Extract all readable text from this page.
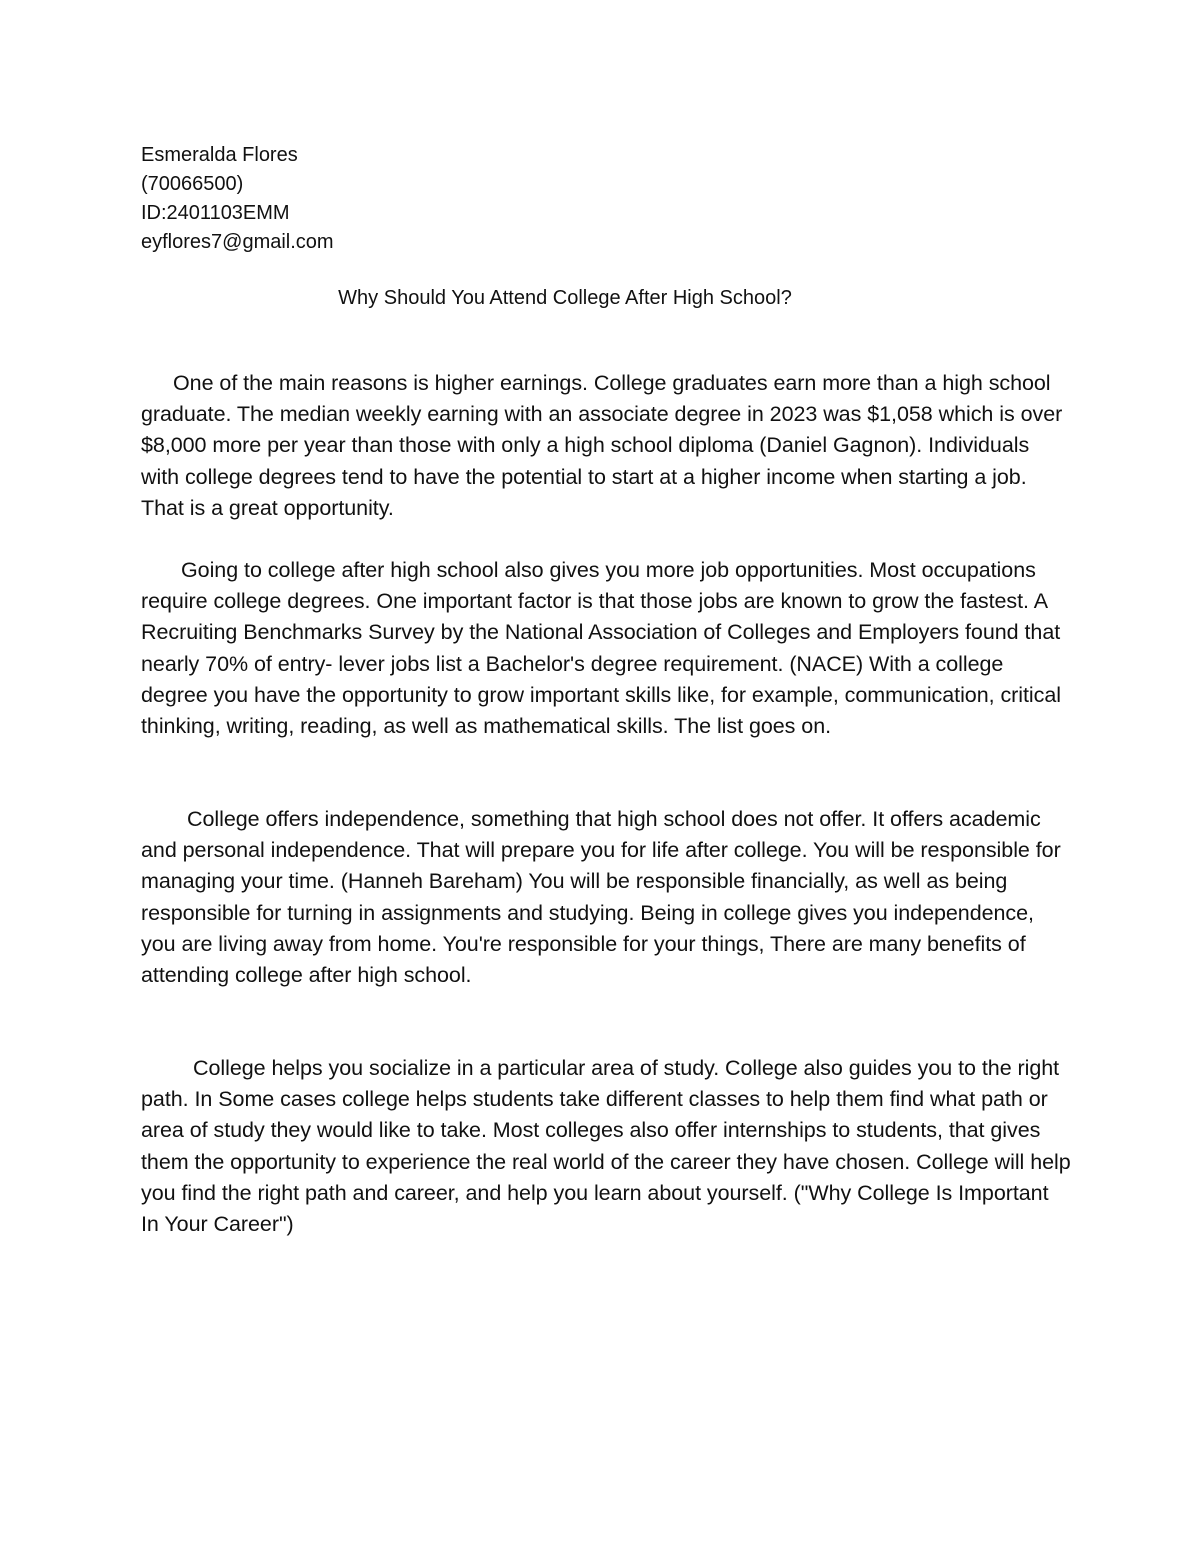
Esmeralda Flores
(70066500)
ID:2401103EMM
eyflores7@gmail.com
Why Should You Attend College After High School?

One of the main reasons is higher earnings. College graduates earn more than a high school graduate. The median weekly earning with an associate degree in 2023 was $1,058 which is over $8,000 more per year than those with only a high school diploma (Daniel Gagnon). Individuals with college degrees tend to have the potential to start at a higher income when starting a job. That is a great opportunity.

Going to college after high school also gives you more job opportunities. Most occupations require college degrees. One important factor is that those jobs are known to grow the fastest. A Recruiting Benchmarks Survey by the National Association of Colleges and Employers found that nearly 70% of entry- lever jobs list a Bachelor's degree requirement. (NACE) With a college degree you have the opportunity to grow important skills like, for example, communication, critical thinking, writing, reading, as well as mathematical skills. The list goes on.

College offers independence, something that high school does not offer. It offers academic and personal independence. That will prepare you for life after college. You will be responsible for managing your time. (Hanneh Bareham) You will be responsible financially, as well as being responsible for turning in assignments and studying. Being in college gives you independence, you are living away from home. You're responsible for your things, There are many benefits of attending college after high school.

College helps you socialize in a particular area of study. College also guides you to the right path. In Some cases college helps students take different classes to help them find what path or area of study they would like to take. Most colleges also offer internships to students, that gives them the opportunity to experience the real world of the career they have chosen. College will help you find the right path and career, and help you learn about yourself. ("Why College Is Important In Your Career")
